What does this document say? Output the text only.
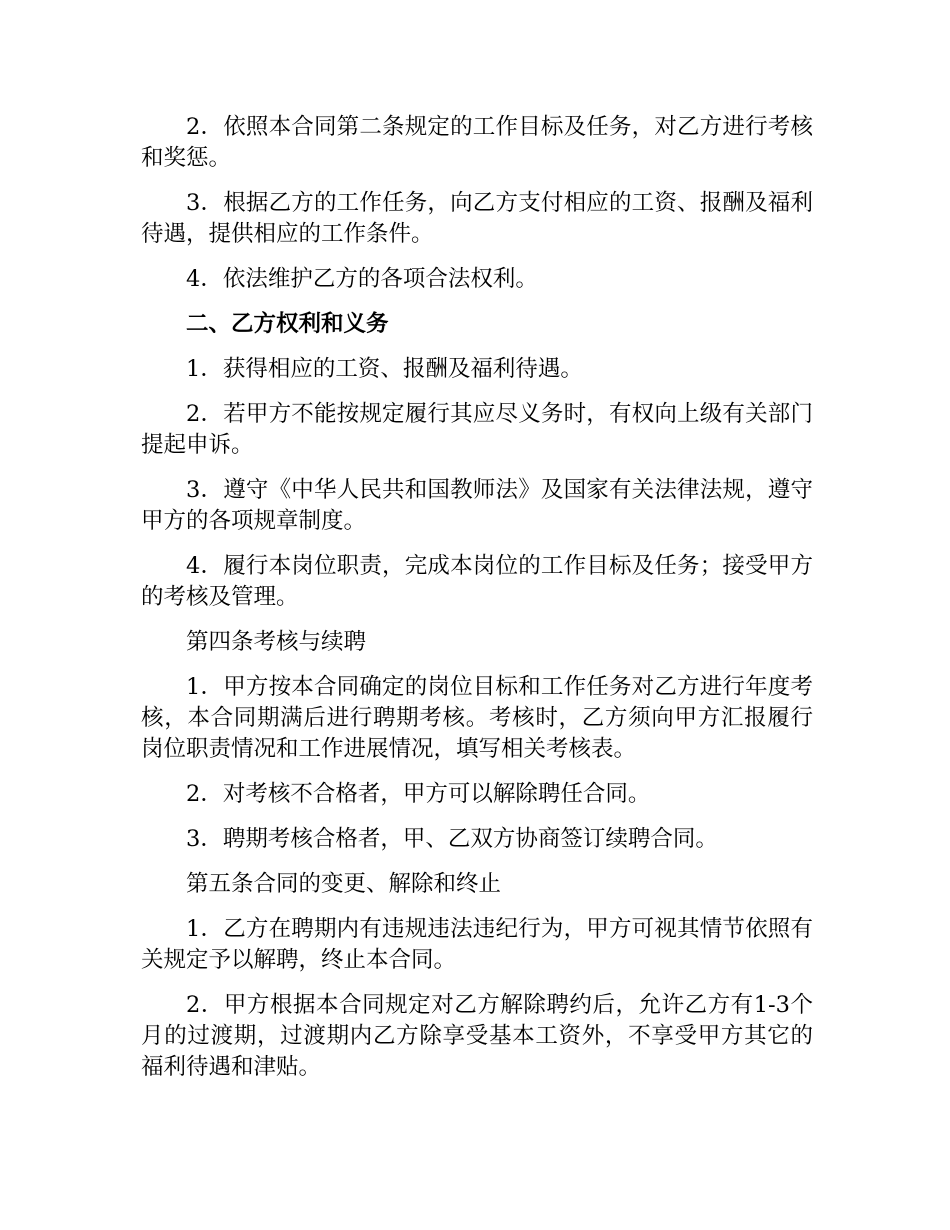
2．依照本合同第二条规定的工作目标及任务，对乙方进行考核和奖惩。

3．根据乙方的工作任务，向乙方支付相应的工资、报酬及福利待遇，提供相应的工作条件。

4．依法维护乙方的各项合法权利。

二、乙方权利和义务

1．获得相应的工资、报酬及福利待遇。

2．若甲方不能按规定履行其应尽义务时，有权向上级有关部门提起申诉。

3．遵守《中华人民共和国教师法》及国家有关法律法规，遵守甲方的各项规章制度。

4．履行本岗位职责，完成本岗位的工作目标及任务；接受甲方的考核及管理。

第四条考核与续聘

1．甲方按本合同确定的岗位目标和工作任务对乙方进行年度考核，本合同期满后进行聘期考核。考核时，乙方须向甲方汇报履行岗位职责情况和工作进展情况，填写相关考核表。

2．对考核不合格者，甲方可以解除聘任合同。

3．聘期考核合格者，甲、乙双方协商签订续聘合同。

第五条合同的变更、解除和终止

1．乙方在聘期内有违规违法违纪行为，甲方可视其情节依照有关规定予以解聘，终止本合同。

2．甲方根据本合同规定对乙方解除聘约后，允许乙方有1-3个月的过渡期，过渡期内乙方除享受基本工资外，不享受甲方其它的福利待遇和津贴。
